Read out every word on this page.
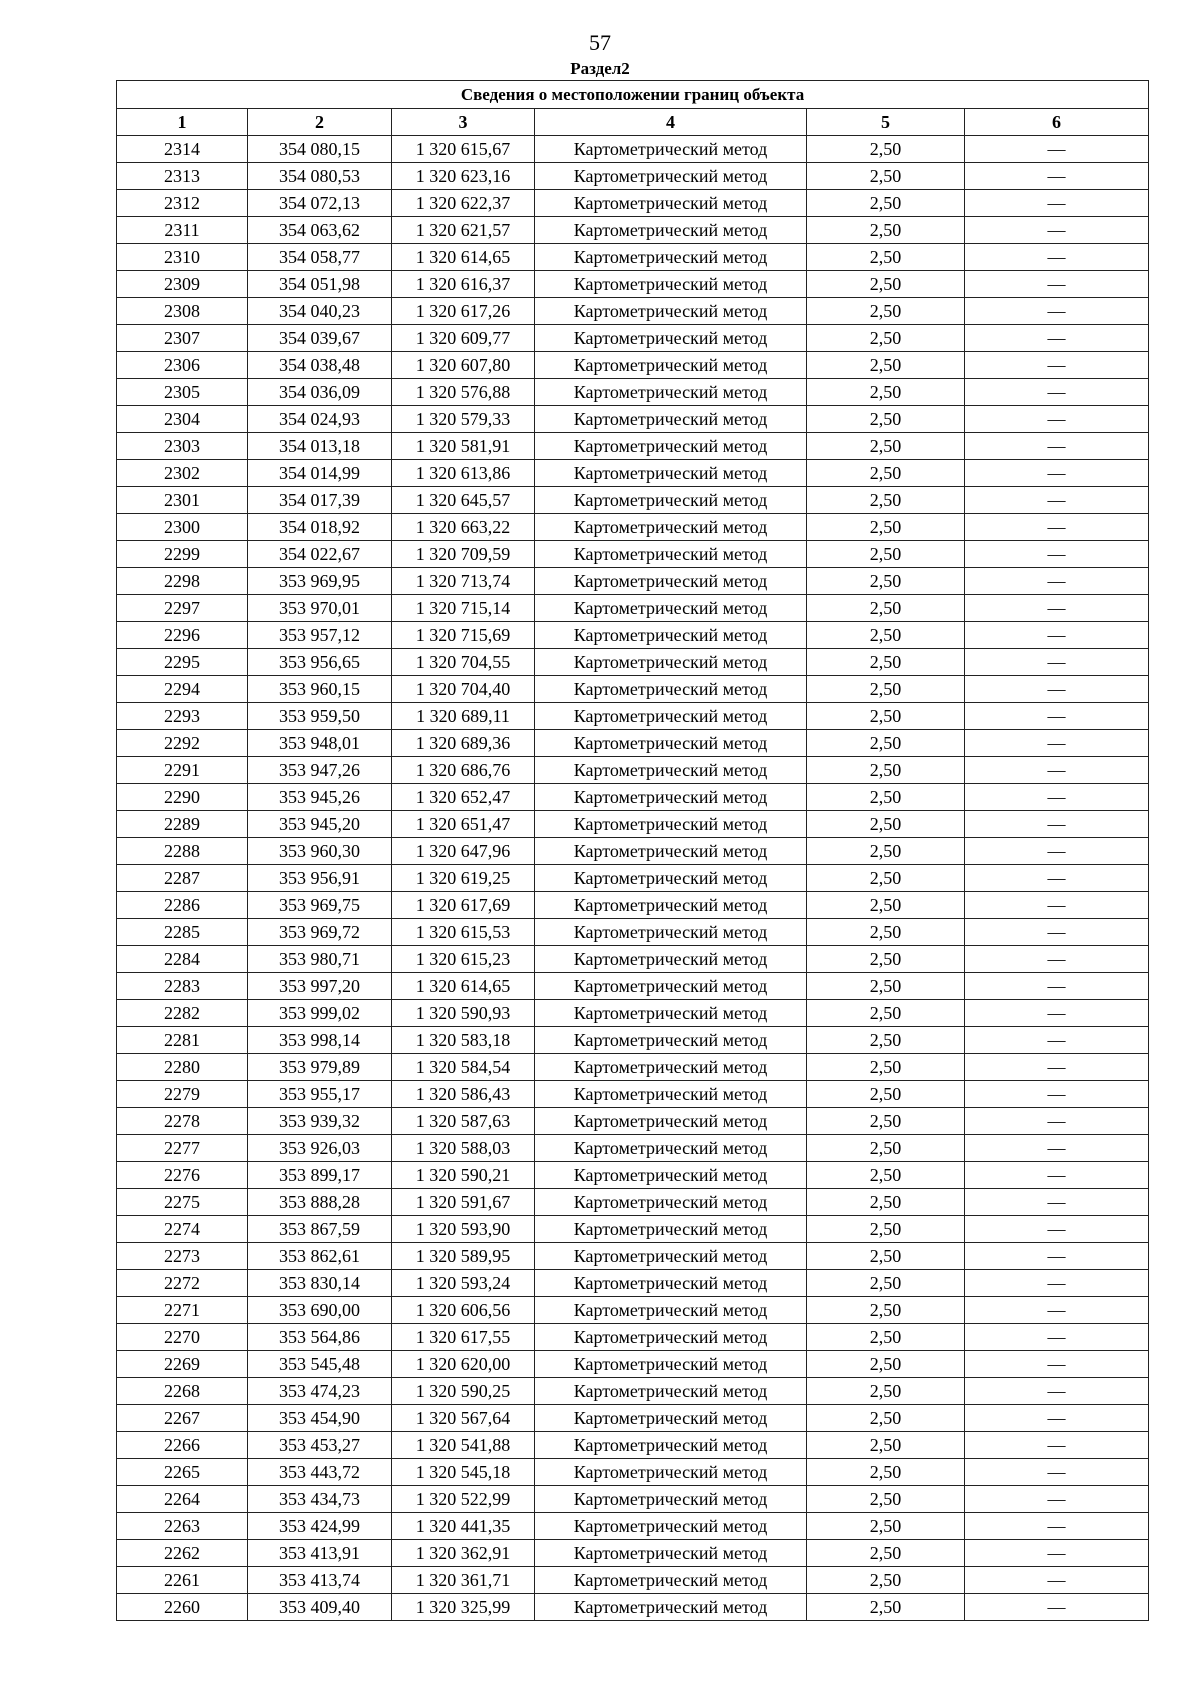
57
Раздел2
Сведения о местоположении границ объекта					
1	2	3	4	5	6
2314	354 080,15	1 320 615,67	Картометрический метод	2,50	—
2313	354 080,53	1 320 623,16	Картометрический метод	2,50	—
2312	354 072,13	1 320 622,37	Картометрический метод	2,50	—
2311	354 063,62	1 320 621,57	Картометрический метод	2,50	—
2310	354 058,77	1 320 614,65	Картометрический метод	2,50	—
2309	354 051,98	1 320 616,37	Картометрический метод	2,50	—
2308	354 040,23	1 320 617,26	Картометрический метод	2,50	—
2307	354 039,67	1 320 609,77	Картометрический метод	2,50	—
2306	354 038,48	1 320 607,80	Картометрический метод	2,50	—
2305	354 036,09	1 320 576,88	Картометрический метод	2,50	—
2304	354 024,93	1 320 579,33	Картометрический метод	2,50	—
2303	354 013,18	1 320 581,91	Картометрический метод	2,50	—
2302	354 014,99	1 320 613,86	Картометрический метод	2,50	—
2301	354 017,39	1 320 645,57	Картометрический метод	2,50	—
2300	354 018,92	1 320 663,22	Картометрический метод	2,50	—
2299	354 022,67	1 320 709,59	Картометрический метод	2,50	—
2298	353 969,95	1 320 713,74	Картометрический метод	2,50	—
2297	353 970,01	1 320 715,14	Картометрический метод	2,50	—
2296	353 957,12	1 320 715,69	Картометрический метод	2,50	—
2295	353 956,65	1 320 704,55	Картометрический метод	2,50	—
2294	353 960,15	1 320 704,40	Картометрический метод	2,50	—
2293	353 959,50	1 320 689,11	Картометрический метод	2,50	—
2292	353 948,01	1 320 689,36	Картометрический метод	2,50	—
2291	353 947,26	1 320 686,76	Картометрический метод	2,50	—
2290	353 945,26	1 320 652,47	Картометрический метод	2,50	—
2289	353 945,20	1 320 651,47	Картометрический метод	2,50	—
2288	353 960,30	1 320 647,96	Картометрический метод	2,50	—
2287	353 956,91	1 320 619,25	Картометрический метод	2,50	—
2286	353 969,75	1 320 617,69	Картометрический метод	2,50	—
2285	353 969,72	1 320 615,53	Картометрический метод	2,50	—
2284	353 980,71	1 320 615,23	Картометрический метод	2,50	—
2283	353 997,20	1 320 614,65	Картометрический метод	2,50	—
2282	353 999,02	1 320 590,93	Картометрический метод	2,50	—
2281	353 998,14	1 320 583,18	Картометрический метод	2,50	—
2280	353 979,89	1 320 584,54	Картометрический метод	2,50	—
2279	353 955,17	1 320 586,43	Картометрический метод	2,50	—
2278	353 939,32	1 320 587,63	Картометрический метод	2,50	—
2277	353 926,03	1 320 588,03	Картометрический метод	2,50	—
2276	353 899,17	1 320 590,21	Картометрический метод	2,50	—
2275	353 888,28	1 320 591,67	Картометрический метод	2,50	—
2274	353 867,59	1 320 593,90	Картометрический метод	2,50	—
2273	353 862,61	1 320 589,95	Картометрический метод	2,50	—
2272	353 830,14	1 320 593,24	Картометрический метод	2,50	—
2271	353 690,00	1 320 606,56	Картометрический метод	2,50	—
2270	353 564,86	1 320 617,55	Картометрический метод	2,50	—
2269	353 545,48	1 320 620,00	Картометрический метод	2,50	—
2268	353 474,23	1 320 590,25	Картометрический метод	2,50	—
2267	353 454,90	1 320 567,64	Картометрический метод	2,50	—
2266	353 453,27	1 320 541,88	Картометрический метод	2,50	—
2265	353 443,72	1 320 545,18	Картометрический метод	2,50	—
2264	353 434,73	1 320 522,99	Картометрический метод	2,50	—
2263	353 424,99	1 320 441,35	Картометрический метод	2,50	—
2262	353 413,91	1 320 362,91	Картометрический метод	2,50	—
2261	353 413,74	1 320 361,71	Картометрический метод	2,50	—
2260	353 409,40	1 320 325,99	Картометрический метод	2,50	—
